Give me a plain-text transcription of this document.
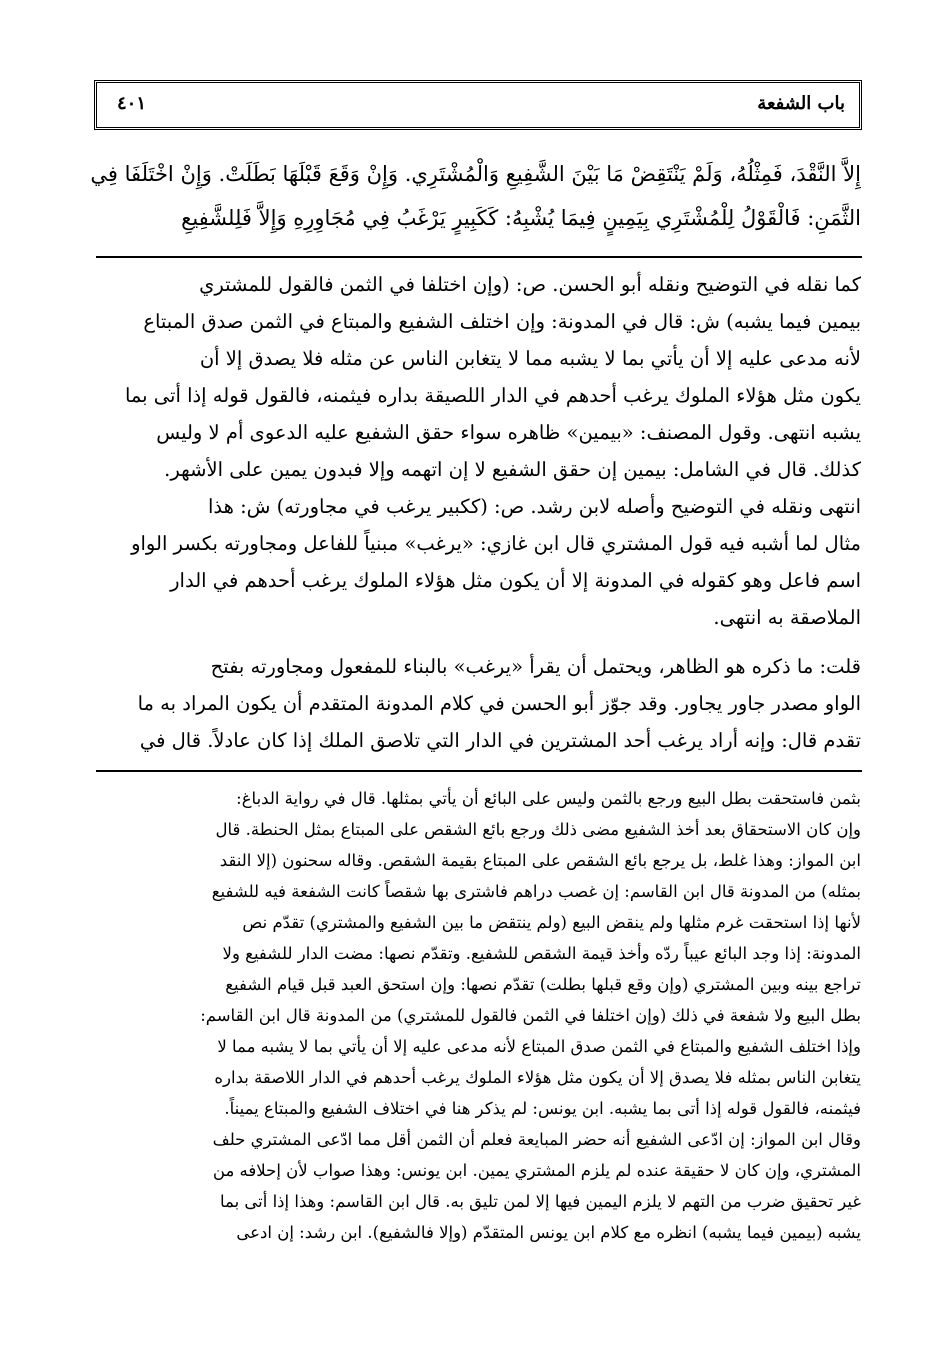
باب الشفعة
٤٠١
إِلاَّ النَّقْدَ، فَمِثْلُهُ، وَلَمْ يَنْتَقِضْ مَا بَيْنَ الشَّفِيعِ وَالْمُشْتَرِي. وَإِنْ وَقَعَ قَبْلَهَا بَطَلَتْ. وَإِنْ اخْتَلَفَا فِي
الثَّمَنِ: فَالْقَوْلُ لِلْمُشْتَرِي بِيَمِينٍ فِيمَا يُشْبِهُ: كَكَبِيرٍ يَرْغَبُ فِي مُجَاوِرِهِ وَإِلاَّ فَلِلشَّفِيعِ
كما نقله في التوضيح ونقله أبو الحسن. ص: (وإن اختلفا في الثمن فالقول للمشتري
بيمين فيما يشبه) ش: قال في المدونة: وإن اختلف الشفيع والمبتاع في الثمن صدق المبتاع
لأنه مدعى عليه إلا أن يأتي بما لا يشبه مما لا يتغابن الناس عن مثله فلا يصدق إلا أن
يكون مثل هؤلاء الملوك يرغب أحدهم في الدار اللصيقة بداره فيثمنه، فالقول قوله إذا أتى بما
يشبه انتهى. وقول المصنف: «بيمين» ظاهره سواء حقق الشفيع عليه الدعوى أم لا وليس
كذلك. قال في الشامل: بيمين إن حقق الشفيع لا إن اتهمه وإلا فبدون يمين على الأشهر.
انتهى ونقله في التوضيح وأصله لابن رشد. ص: (ككبير يرغب في مجاورته) ش: هذا
مثال لما أشبه فيه قول المشتري قال ابن غازي: «يرغب» مبنياً للفاعل ومجاورته بكسر الواو
اسم فاعل وهو كقوله في المدونة إلا أن يكون مثل هؤلاء الملوك يرغب أحدهم في الدار
الملاصقة به انتهى.
قلت: ما ذكره هو الظاهر، ويحتمل أن يقرأ «يرغب» بالبناء للمفعول ومجاورته بفتح
الواو مصدر جاور يجاور. وقد جوّز أبو الحسن في كلام المدونة المتقدم أن يكون المراد به ما
تقدم قال: وإنه أراد يرغب أحد المشترين في الدار التي تلاصق الملك إذا كان عادلاً. قال في
بثمن فاستحقت بطل البيع ورجع بالثمن وليس على البائع أن يأتي بمثلها. قال في رواية الدباغ:
وإن كان الاستحقاق بعد أخذ الشفيع مضى ذلك ورجع بائع الشقص على المبتاع بمثل الحنطة. قال
ابن المواز: وهذا غلط، بل يرجع بائع الشقص على المبتاع بقيمة الشقص. وقاله سحنون (إلا النقد
بمثله) من المدونة قال ابن القاسم: إن غصب دراهم فاشترى بها شقصاً كانت الشفعة فيه للشفيع
لأنها إذا استحقت غرم مثلها ولم ينقض البيع (ولم ينتقض ما بين الشفيع والمشتري) تقدّم نص
المدونة: إذا وجد البائع عيباً ردّه وأخذ قيمة الشقص للشفيع. وتقدّم نصها: مضت الدار للشفيع ولا
تراجع بينه وبين المشتري (وإن وقع قبلها بطلت) تقدّم نصها: وإن استحق العبد قبل قيام الشفيع
بطل البيع ولا شفعة في ذلك (وإن اختلفا في الثمن فالقول للمشتري) من المدونة قال ابن القاسم:
وإذا اختلف الشفيع والمبتاع في الثمن صدق المبتاع لأنه مدعى عليه إلا أن يأتي بما لا يشبه مما لا
يتغابن الناس بمثله فلا يصدق إلا أن يكون مثل هؤلاء الملوك يرغب أحدهم في الدار اللاصقة بداره
فيثمنه، فالقول قوله إذا أتى بما يشبه. ابن يونس: لم يذكر هنا في اختلاف الشفيع والمبتاع يميناً.
وقال ابن المواز: إن ادّعى الشفيع أنه حضر المبايعة فعلم أن الثمن أقل مما ادّعى المشتري حلف
المشتري، وإن كان لا حقيقة عنده لم يلزم المشتري يمين. ابن يونس: وهذا صواب لأن إحلافه من
غير تحقيق ضرب من التهم لا يلزم اليمين فيها إلا لمن تليق به. قال ابن القاسم: وهذا إذا أتى بما
يشبه (بيمين فيما يشبه) انظره مع كلام ابن يونس المتقدّم (وإلا فالشفيع). ابن رشد: إن ادعى
